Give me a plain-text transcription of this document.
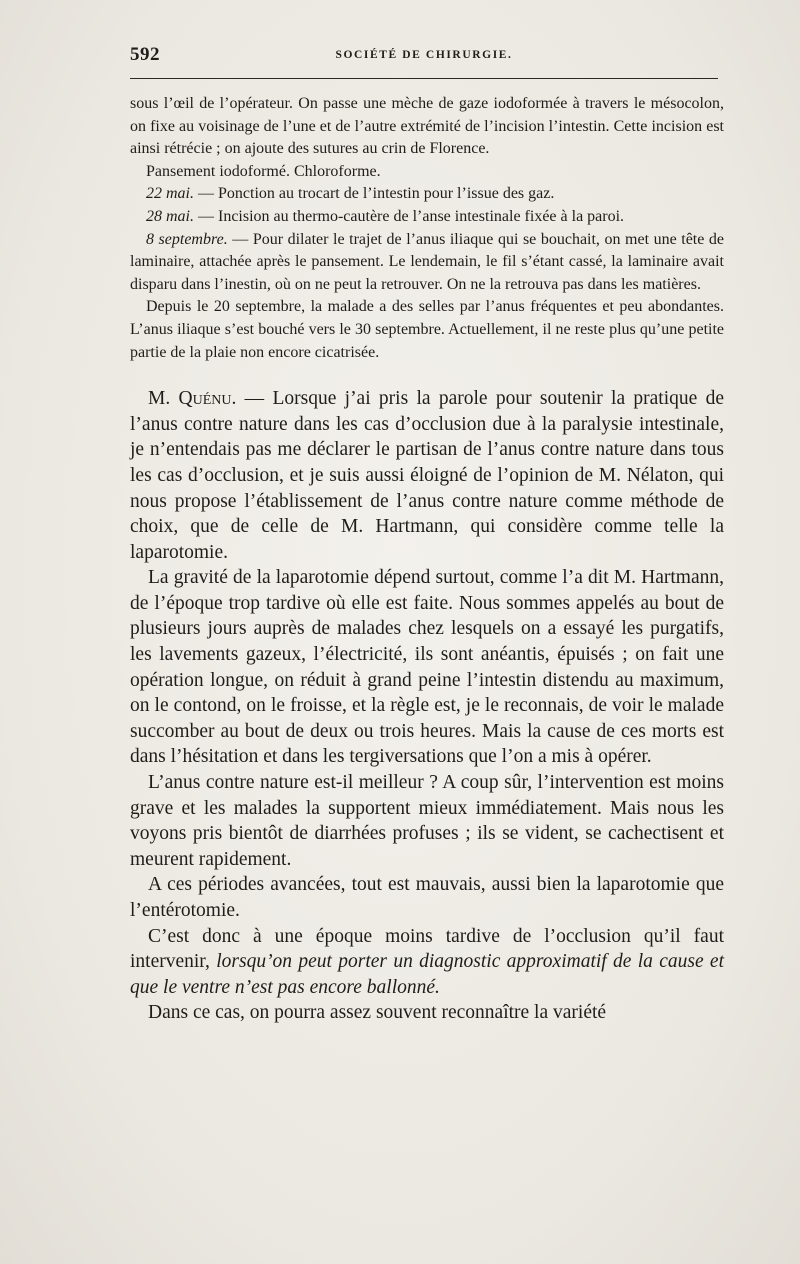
592	SOCIÉTÉ DE CHIRURGIE.

sous l’œil de l’opérateur. On passe une mèche de gaze iodoformée à travers le mésocolon, on fixe au voisinage de l’une et de l’autre extrémité de l’incision l’intestin. Cette incision est ainsi rétrécie ; on ajoute des sutures au crin de Florence.

Pansement iodoformé. Chloroforme.

22 mai. — Ponction au trocart de l’intestin pour l’issue des gaz.

28 mai. — Incision au thermo-cautère de l’anse intestinale fixée à la paroi.

8 septembre. — Pour dilater le trajet de l’anus iliaque qui se bouchait, on met une tête de laminaire, attachée après le pansement. Le lendemain, le fil s’étant cassé, la laminaire avait disparu dans l’inestin, où on ne peut la retrouver. On ne la retrouva pas dans les matières.

Depuis le 20 septembre, la malade a des selles par l’anus fréquentes et peu abondantes. L’anus iliaque s’est bouché vers le 30 septembre. Actuellement, il ne reste plus qu’une petite partie de la plaie non encore cicatrisée.

M. Quénu. — Lorsque j’ai pris la parole pour soutenir la pratique de l’anus contre nature dans les cas d’occlusion due à la paralysie intestinale, je n’entendais pas me déclarer le partisan de l’anus contre nature dans tous les cas d’occlusion, et je suis aussi éloigné de l’opinion de M. Nélaton, qui nous propose l’établissement de l’anus contre nature comme méthode de choix, que de celle de M. Hartmann, qui considère comme telle la laparotomie.

La gravité de la laparotomie dépend surtout, comme l’a dit M. Hartmann, de l’époque trop tardive où elle est faite. Nous sommes appelés au bout de plusieurs jours auprès de malades chez lesquels on a essayé les purgatifs, les lavements gazeux, l’électricité, ils sont anéantis, épuisés ; on fait une opération longue, on réduit à grand peine l’intestin distendu au maximum, on le contond, on le froisse, et la règle est, je le reconnais, de voir le malade succomber au bout de deux ou trois heures. Mais la cause de ces morts est dans l’hésitation et dans les tergiversations que l’on a mis à opérer.

L’anus contre nature est-il meilleur ? A coup sûr, l’intervention est moins grave et les malades la supportent mieux immédiatement. Mais nous les voyons pris bientôt de diarrhées profuses ; ils se vident, se cachectisent et meurent rapidement.

A ces périodes avancées, tout est mauvais, aussi bien la laparotomie que l’entérotomie.

C’est donc à une époque moins tardive de l’occlusion qu’il faut intervenir, lorsqu’on peut porter un diagnostic approximatif de la cause et que le ventre n’est pas encore ballonné.

Dans ce cas, on pourra assez souvent reconnaître la variété
